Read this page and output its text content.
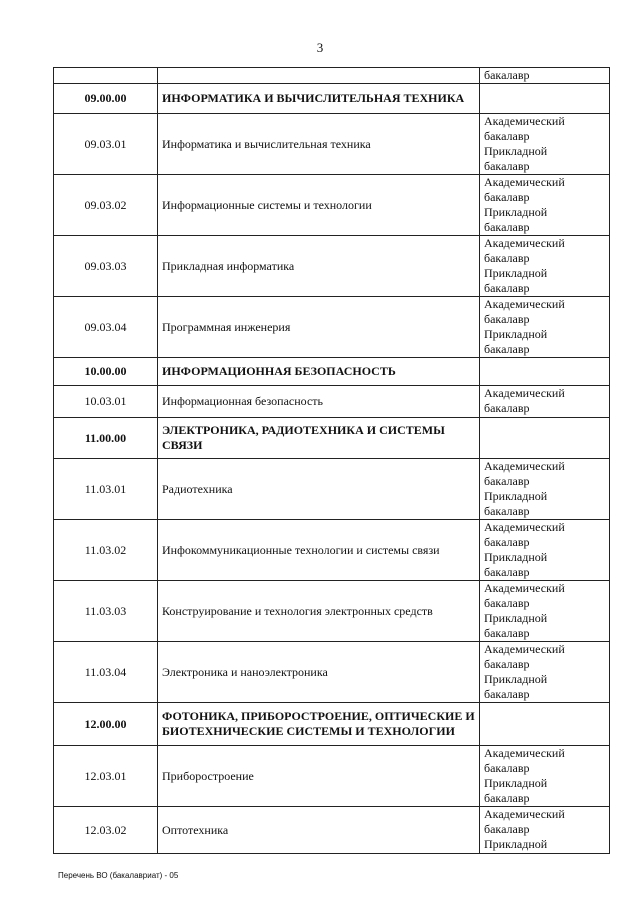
3

		бакалавр

09.00.00	ИНФОРМАТИКА И ВЫЧИСЛИТЕЛЬНАЯ ТЕХНИКА	
09.03.01	Информатика и вычислительная техника	Академический
бакалавр
Прикладной
бакалавр

09.03.02	Информационные системы и технологии	Академический
бакалавр
Прикладной
бакалавр

09.03.03	Прикладная информатика	Академический
бакалавр
Прикладной
бакалавр

09.03.04	Программная инженерия	Академический
бакалавр
Прикладной
бакалавр

10.00.00	ИНФОРМАЦИОННАЯ БЕЗОПАСНОСТЬ	
10.03.01	Информационная безопасность	Академический
бакалавр

11.00.00	ЭЛЕКТРОНИКА, РАДИОТЕХНИКА И СИСТЕМЫ СВЯЗИ	
11.03.01	Радиотехника	Академический
бакалавр
Прикладной
бакалавр

11.03.02	Инфокоммуникационные технологии и системы связи	Академический
бакалавр
Прикладной
бакалавр

11.03.03	Конструирование и технология электронных средств	Академический
бакалавр
Прикладной
бакалавр

11.03.04	Электроника и наноэлектроника	Академический
бакалавр
Прикладной
бакалавр

12.00.00	ФОТОНИКА, ПРИБОРОСТРОЕНИЕ, ОПТИЧЕСКИЕ И БИОТЕХНИЧЕСКИЕ СИСТЕМЫ И ТЕХНОЛОГИИ	
12.03.01	Приборостроение	Академический
бакалавр
Прикладной
бакалавр

12.03.02	Оптотехника	Академический
бакалавр
Прикладной
Перечень ВО (бакалавриат) - 05
